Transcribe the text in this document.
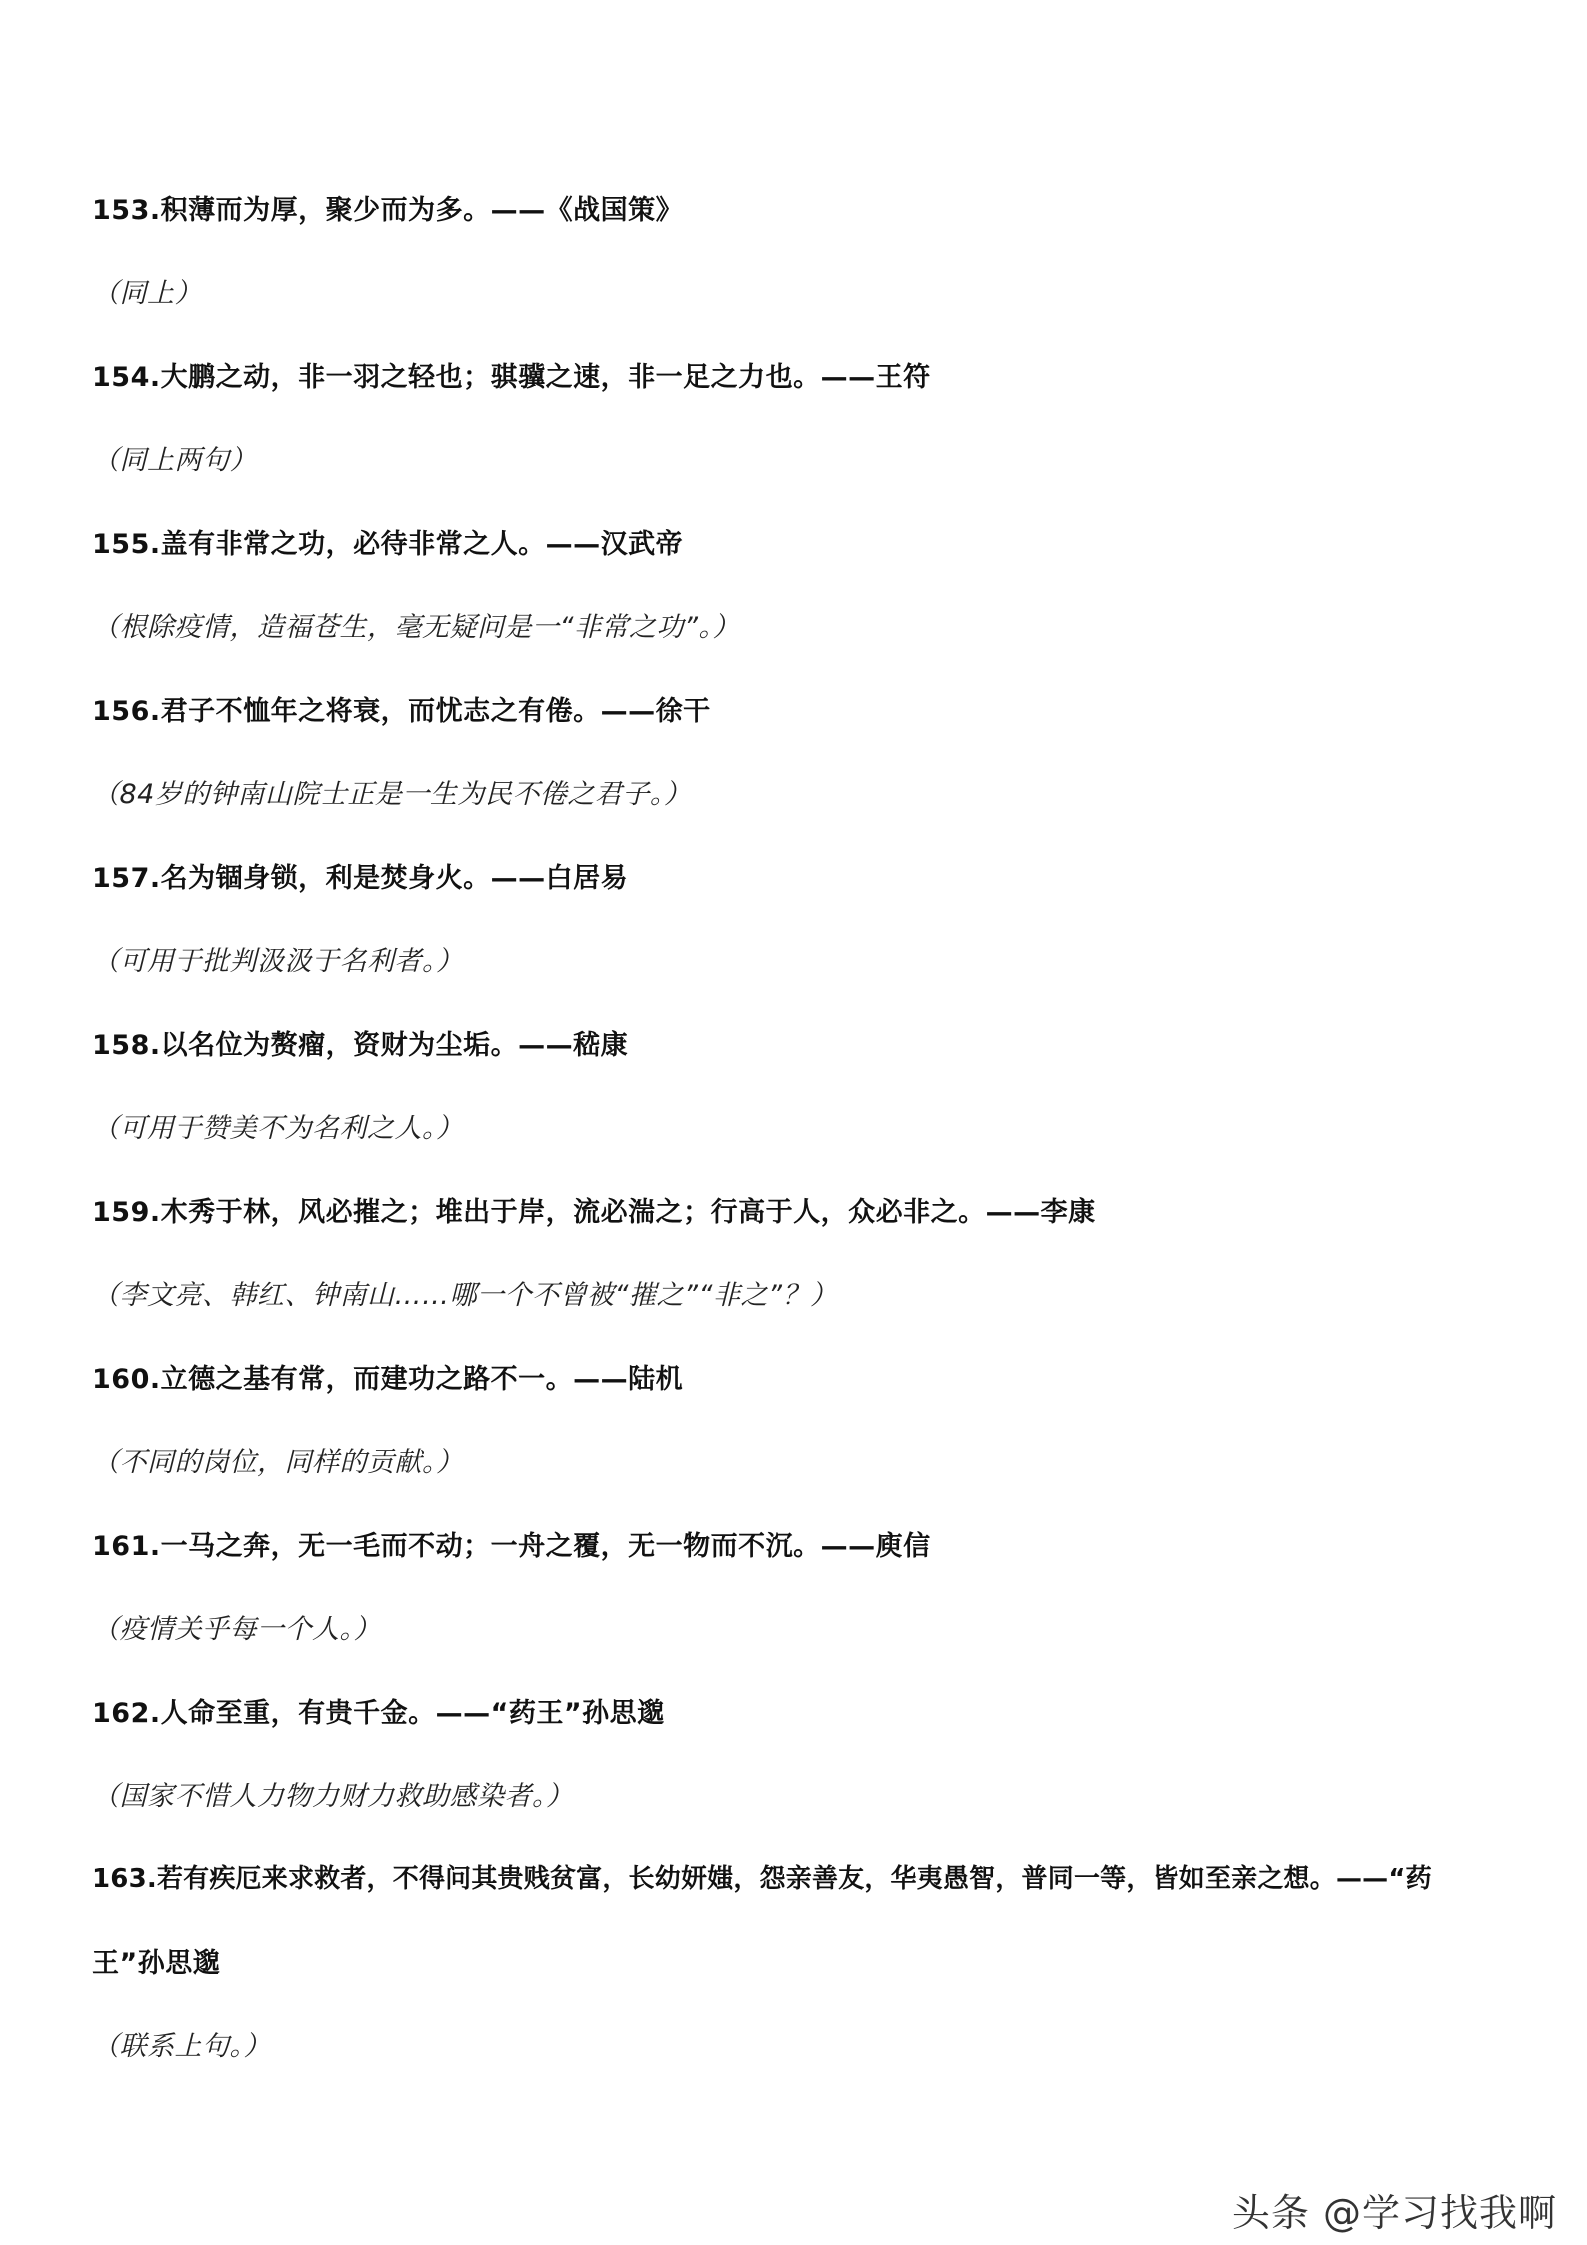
153.积薄而为厚，聚少而为多。——《战国策》
（同上）
154.大鹏之动，非一羽之轻也；骐骥之速，非一足之力也。——王符
（同上两句）
155.盖有非常之功，必待非常之人。——汉武帝
（根除疫情，造福苍生，毫无疑问是一“非常之功”。）
156.君子不恤年之将衰，而忧志之有倦。——徐干
（84岁的钟南山院士正是一生为民不倦之君子。）
157.名为锢身锁，利是焚身火。——白居易
（可用于批判汲汲于名利者。）
158.以名位为赘瘤，资财为尘垢。——嵇康
（可用于赞美不为名利之人。）
159.木秀于林，风必摧之；堆出于岸，流必湍之；行高于人，众必非之。——李康
（李文亮、韩红、钟南山……哪一个不曾被“摧之”“非之”？）
160.立德之基有常，而建功之路不一。——陆机
（不同的岗位，同样的贡献。）
161.一马之奔，无一毛而不动；一舟之覆，无一物而不沉。——庾信
（疫情关乎每一个人。）
162.人命至重，有贵千金。——“药王”孙思邈
（国家不惜人力物力财力救助感染者。）
163.若有疾厄来求救者，不得问其贵贱贫富，长幼妍媸，怨亲善友，华夷愚智，普同一等，皆如至亲之想。——“药
王”孙思邈
（联系上句。）
头条 @学习找我啊
